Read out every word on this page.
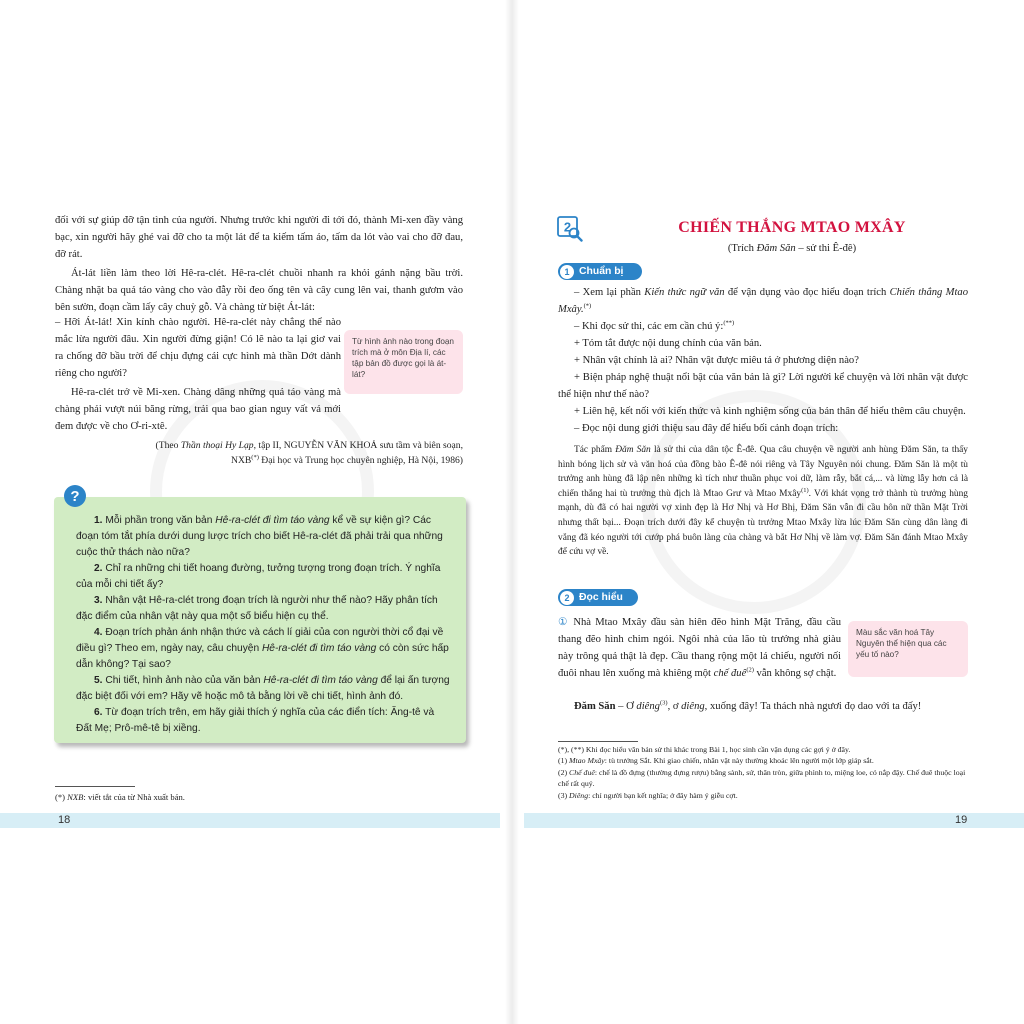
đối với sự giúp đỡ tận tình của người. Nhưng trước khi người đi tới đó, thành Mi-xen đầy vàng bạc, xin người hãy ghé vai đỡ cho ta một lát để ta kiếm tấm áo, tấm da lót vào vai cho đỡ đau, đỡ rát.

Át-lát liền làm theo lời Hê-ra-clét. Hê-ra-clét chuồi nhanh ra khỏi gánh nặng bầu trời. Chàng nhặt ba quả táo vàng cho vào đẫy rồi đeo ống tên và cây cung lên vai, thanh gươm vào bên sườn, đoạn cầm lấy cây chuỳ gỗ. Và chàng từ biệt Át-lát:

– Hỡi Át-lát! Xin kính chào người. Hê-ra-clét này chẳng thể nào mắc lừa người đâu. Xin người đừng giận! Có lẽ nào ta lại giơ vai ra chống đỡ bầu trời để chịu đựng cái cực hình mà thần Dớt dành riêng cho người?

Hê-ra-clét trở về Mi-xen. Chàng dâng những quả táo vàng mà chàng phải vượt núi băng rừng, trải qua bao gian nguy vất vả mới đem được về cho Ơ-ri-xtê.

Từ hình ảnh nào trong đoạn trích mà ở môn Địa lí, các tập bản đồ được gọi là át-lát?
(Theo Thần thoại Hy Lạp, tập II, NGUYỄN VĂN KHOẢ sưu tầm và biên soạn,
NXB(*) Đại học và Trung học chuyên nghiệp, Hà Nội, 1986)

1. Mỗi phần trong văn bản Hê-ra-clét đi tìm táo vàng kể về sự kiện gì? Các đoạn tóm tắt phía dưới dung lược trích cho biết Hê-ra-clét đã phải trải qua những cuộc thử thách nào nữa?

2. Chỉ ra những chi tiết hoang đường, tưởng tượng trong đoạn trích. Ý nghĩa của mỗi chi tiết ấy?

3. Nhân vật Hê-ra-clét trong đoạn trích là người như thế nào? Hãy phân tích đặc điểm của nhân vật này qua một số biểu hiện cụ thể.

4. Đoạn trích phản ánh nhận thức và cách lí giải của con người thời cổ đại về điều gì? Theo em, ngày nay, câu chuyện Hê-ra-clét đi tìm táo vàng có còn sức hấp dẫn không? Tại sao?

5. Chi tiết, hình ảnh nào của văn bản Hê-ra-clét đi tìm táo vàng để lại ấn tượng đặc biệt đối với em? Hãy vẽ hoặc mô tả bằng lời về chi tiết, hình ảnh đó.

6. Từ đoạn trích trên, em hãy giải thích ý nghĩa của các điển tích: Ăng-tê và Đất Mẹ; Prô-mê-tê bị xiềng.

?
(*) NXB: viết tắt của từ Nhà xuất bản.
18
2	CHIẾN THẮNG MTAO MXÂY
(Trích Đăm Săn – sử thi Ê-đê)
1 Chuẩn bị

– Xem lại phần Kiến thức ngữ văn để vận dụng vào đọc hiểu đoạn trích Chiến thắng Mtao Mxây.(*)

– Khi đọc sử thi, các em cần chú ý:(**)

+ Tóm tắt được nội dung chính của văn bản.

+ Nhân vật chính là ai? Nhân vật được miêu tả ở phương diện nào?

+ Biện pháp nghệ thuật nổi bật của văn bản là gì? Lời người kể chuyện và lời nhân vật được thể hiện như thế nào?

+ Liên hệ, kết nối với kiến thức và kinh nghiệm sống của bản thân để hiểu thêm câu chuyện.

– Đọc nội dung giới thiệu sau đây để hiểu bối cảnh đoạn trích:

Tác phẩm Đăm Săn là sử thi của dân tộc Ê-đê. Qua câu chuyện về người anh hùng Đăm Săn, ta thấy hình bóng lịch sử và văn hoá của đồng bào Ê-đê nói riêng và Tây Nguyên nói chung. Đăm Săn là một tù trưởng anh hùng đã lập nên những kì tích như thuần phục voi dữ, làm rẫy, bắt cá,... và lừng lẫy hơn cả là chiến thắng hai tù trưởng thù địch là Mtao Grư và Mtao Mxây$^{(1)}$. Với khát vọng trở thành tù trưởng hùng mạnh, dù đã có hai người vợ xinh đẹp là Hơ Nhị và Hơ Bhị, Đăm Săn vẫn đi cầu hôn nữ thần Mặt Trời nhưng thất bại... Đoạn trích dưới đây kể chuyện tù trưởng Mtao Mxây lừa lúc Đăm Săn cùng dân làng đi vắng đã kéo người tới cướp phá buôn làng của chàng và bắt Hơ Nhị về làm vợ. Đăm Săn đánh Mtao Mxây để cứu vợ về.
2 Đọc hiểu

① Nhà Mtao Mxây đầu sàn hiên đẽo hình Mặt Trăng, đầu cầu thang đẽo hình chim ngói. Ngôi nhà của lão tù trưởng nhà giàu này trông quả thật là đẹp. Cầu thang rộng một lá chiếu, người nối đuôi nhau lên xuống mà khiêng một chế đuê$^{(2)}$ vẫn không sợ chật.

Màu sắc văn hoá Tây Nguyên thể hiện qua các yếu tố nào?

Đăm Săn – Ơ diêng$^{(3)}$, ơ diêng, xuống đây! Ta thách nhà ngươi đọ dao với ta đấy!

(*), (**) Khi đọc hiểu văn bản sử thi khác trong Bài 1, học sinh cần vận dụng các gợi ý ở đây.
(1) Mtao Mxây: tù trưởng Sắt. Khi giao chiến, nhân vật này thường khoác lên người một lớp giáp sắt.
(2) Chế đuê: chế là đồ đựng (thường đựng rượu) bằng sành, sứ, thân tròn, giữa phình to, miệng loe, có nắp đậy. Chế đuê thuộc loại chế rất quý.
(3) Diêng: chỉ người bạn kết nghĩa; ở đây hàm ý giễu cợt.
19
